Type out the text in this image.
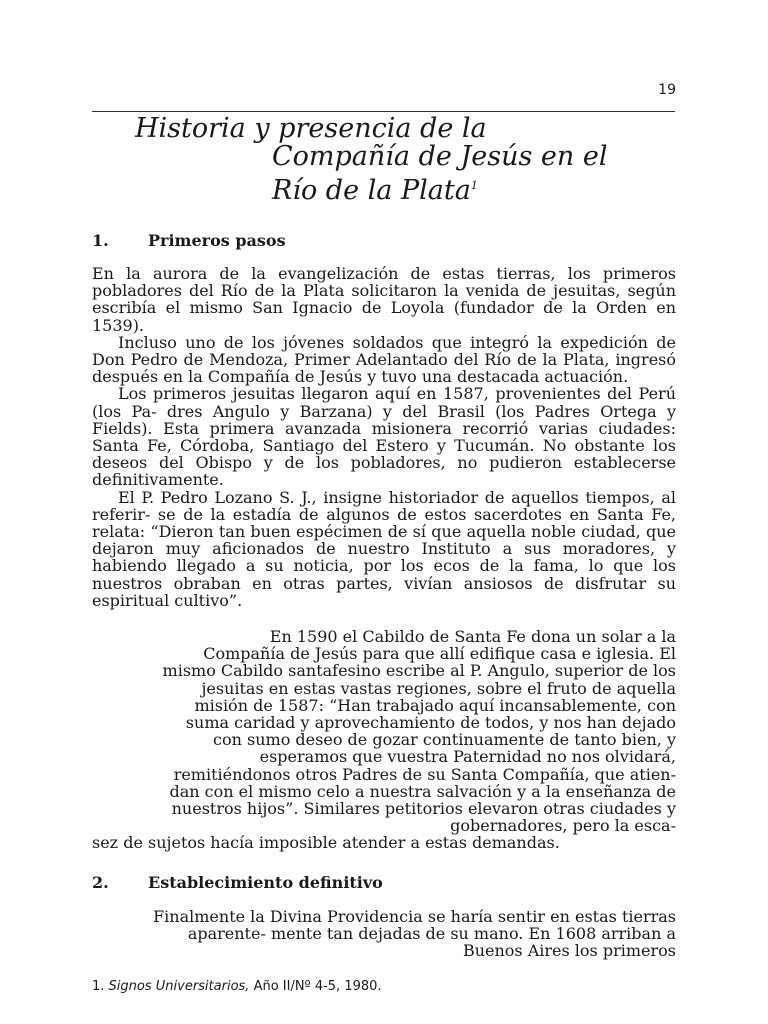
19
Historia y presencia de la
Compañía de Jesús en el
Río de la Plata$^1$
1. Primeros pasos

En la aurora de la evangelización de estas tierras, los primeros pobladores del Río de la Plata solicitaron la venida de jesuitas, según escribía el mismo San Ignacio de Loyola (fundador de la Orden en 1539).

Incluso uno de los jóvenes soldados que integró la expedición de Don Pedro de Mendoza, Primer Adelantado del Río de la Plata, ingresó después en la Compañía de Jesús y tuvo una destacada actuación.

Los primeros jesuitas llegaron aquí en 1587, provenientes del Perú (los Pa- dres Angulo y Barzana) y del Brasil (los Padres Ortega y Fields). Esta primera avanzada misionera recorrió varias ciudades: Santa Fe, Córdoba, Santiago del Estero y Tucumán. No obstante los deseos del Obispo y de los pobladores, no pudieron establecerse definitivamente.

El P. Pedro Lozano S. J., insigne historiador de aquellos tiempos, al referir- se de la estadía de algunos de estos sacerdotes en Santa Fe, relata: “Dieron tan buen espécimen de sí que aquella noble ciudad, que dejaron muy aficionados de nuestro Instituto a sus moradores, y habiendo llegado a su noticia, por los ecos de la fama, lo que los nuestros obraban en otras partes, vivían ansiosos de disfrutar su espiritual cultivo”.

En 1590 el Cabildo de Santa Fe dona un solar a la
Compañía de Jesús para que allí edifique casa e iglesia. El
mismo Cabildo santafesino escribe al P. Angulo, superior de los
jesuitas en estas vastas regiones, sobre el fruto de aquella
misión de 1587: “Han trabajado aquí incansablemente, con
suma caridad y aprovechamiento de todos, y nos han dejado
con sumo deseo de gozar continuamente de tanto bien, y
esperamos que vuestra Paternidad no nos olvidará,
remitiéndonos otros Padres de su Santa Compañía, que atien-
dan con el mismo celo a nuestra salvación y a la enseñanza de
nuestros hijos”. Similares petitorios elevaron otras ciudades y
gobernadores, pero la esca-
sez de sujetos hacía imposible atender a estas demandas.
2. Establecimiento definitivo
Finalmente la Divina Providencia se haría sentir en estas tierras
aparente- mente tan dejadas de su mano. En 1608 arriban a
Buenos Aires los primeros
1. Signos Universitarios, Año II/Nº 4-5, 1980.
